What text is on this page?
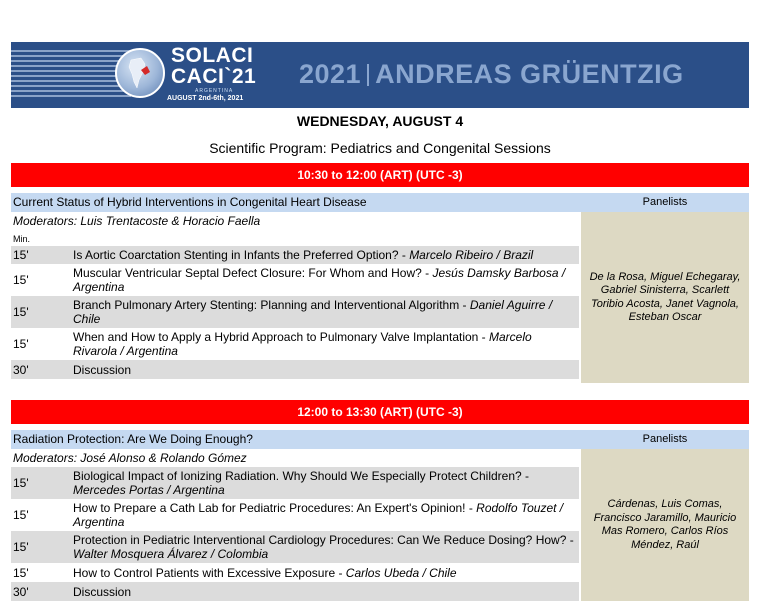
SOLACI
CACI`21
ARGENTINA
AUGUST 2nd-6th, 2021
2021 ANDREAS GRÜENTZIG
WEDNESDAY, AUGUST 4
Scientific Program: Pediatrics and Congenital Sessions
10:30 to 12:00 (ART) (UTC -3)
Current Status of Hybrid Interventions in Congenital Heart Disease	Panelists
Moderators: Luis Trentacoste & Horacio Faella
Min.
15'	Is Aortic Coarctation Stenting in Infants the Preferred Option? - Marcelo Ribeiro / Brazil
15'	Muscular Ventricular Septal Defect Closure: For Whom and How? - Jesús Damsky Barbosa / Argentina
15'	Branch Pulmonary Artery Stenting: Planning and Interventional Algorithm - Daniel Aguirre / Chile
15'	When and How to Apply a Hybrid Approach to Pulmonary Valve Implantation - Marcelo Rivarola / Argentina
30'	Discussion
De la Rosa, Miguel Echegaray, Gabriel Sinisterra, Scarlett Toribio Acosta, Janet Vagnola, Esteban Oscar
12:00 to 13:30 (ART) (UTC -3)
Radiation Protection: Are We Doing Enough?	Panelists
Moderators: José Alonso & Rolando Gómez
15'	Biological Impact of Ionizing Radiation. Why Should We Especially Protect Children? - Mercedes Portas / Argentina
15'	How to Prepare a Cath Lab for Pediatric Procedures: An Expert's Opinion! - Rodolfo Touzet / Argentina
15'	Protection in Pediatric Interventional Cardiology Procedures: Can We Reduce Dosing? How? - Walter Mosquera Álvarez / Colombia
15'	How to Control Patients with Excessive Exposure - Carlos Ubeda / Chile
30'	Discussion
Cárdenas, Luis Comas, Francisco Jaramillo, Mauricio Mas Romero, Carlos Ríos Méndez, Raúl
